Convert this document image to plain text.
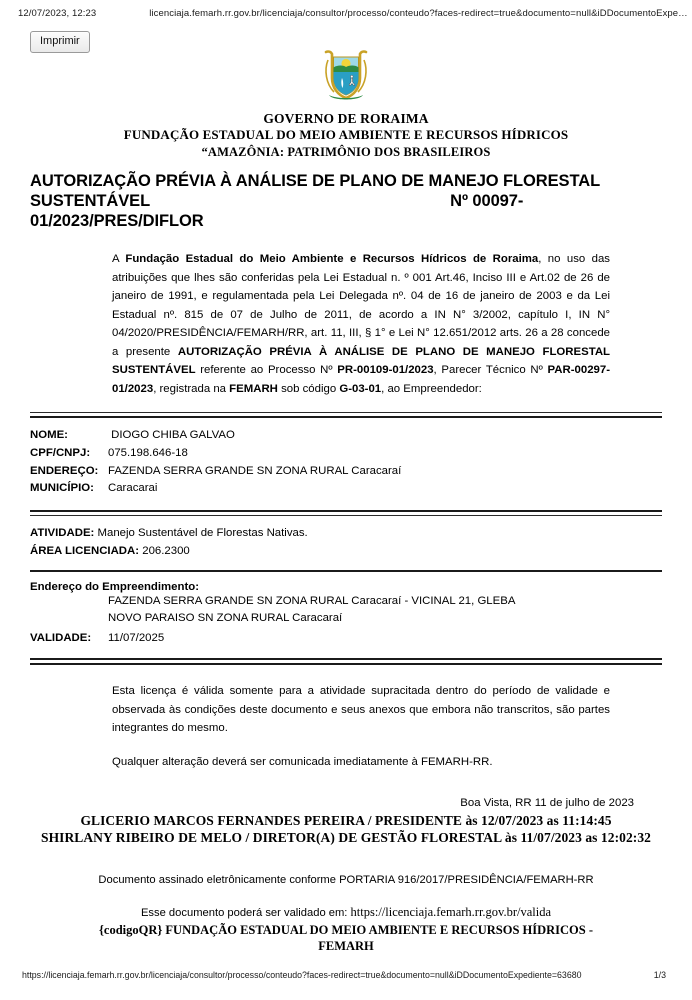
12/07/2023, 12:23	licenciaja.femarh.rr.gov.br/licenciaja/consultor/processo/conteudo?faces-redirect=true&documento=null&iDDocumentoExpe…
Imprimir
GOVERNO DE RORAIMA
FUNDAÇÃO ESTADUAL DO MEIO AMBIENTE E RECURSOS HÍDRICOS
“AMAZÔNIA: PATRIMÔNIO DOS BRASILEIROS
AUTORIZAÇÃO PRÉVIA À ANÁLISE DE PLANO DE MANEJO FLORESTAL
SUSTENTÁVEL	Nº 00097-
01/2023/PRES/DIFLOR

A Fundação Estadual do Meio Ambiente e Recursos Hídricos de Roraima, no uso das atribuições que lhes são conferidas pela Lei Estadual n. º 001 Art.46, Inciso III e Art.02 de 26 de janeiro de 1991, e regulamentada pela Lei Delegada nº. 04 de 16 de janeiro de 2003 e da Lei Estadual nº. 815 de 07 de Julho de 2011, de acordo a IN N° 3/2002, capítulo I, IN N° 04/2020/PRESIDÊNCIA/FEMARH/RR, art. 11, III, § 1° e Lei N° 12.651/2012 arts. 26 a 28 concede a presente AUTORIZAÇÃO PRÉVIA À ANÁLISE DE PLANO DE MANEJO FLORESTAL SUSTENTÁVEL referente ao Processo Nº PR-00109-01/2023, Parecer Técnico Nº PAR-00297-01/2023, registrada na FEMARH sob código G-03-01, ao Empreendedor:

NOME:	DIOGO CHIBA GALVAO
CPF/CNPJ:	075.198.646-18
ENDEREÇO: FAZENDA SERRA GRANDE SN ZONA RURAL Caracaraí
MUNICÍPIO:	Caracarai
ATIVIDADE: Manejo Sustentável de Florestas Nativas.
ÁREA LICENCIADA: 206.2300
Endereço do Empreendimento:
FAZENDA SERRA GRANDE SN ZONA RURAL Caracaraí - VICINAL 21, GLEBA NOVO PARAISO SN ZONA RURAL Caracaraí
VALIDADE:	11/07/2025

Esta licença é válida somente para a atividade supracitada dentro do período de validade e observada às condições deste documento e seus anexos que embora não transcritos, são partes integrantes do mesmo.

Qualquer alteração deverá ser comunicada imediatamente à FEMARH-RR.

Boa Vista, RR 11 de julho de 2023
GLICERIO MARCOS FERNANDES PEREIRA / PRESIDENTE às 12/07/2023 as 11:14:45
SHIRLANY RIBEIRO DE MELO / DIRETOR(A) DE GESTÃO FLORESTAL às 11/07/2023 as 12:02:32
Documento assinado eletrônicamente conforme PORTARIA 916/2017/PRESIDÊNCIA/FEMARH-RR
Esse documento poderá ser validado em: https://licenciaja.femarh.rr.gov.br/valida
{codigoQR} FUNDAÇÃO ESTADUAL DO MEIO AMBIENTE E RECURSOS HÍDRICOS - FEMARH
https://licenciaja.femarh.rr.gov.br/licenciaja/consultor/processo/conteudo?faces-redirect=true&documento=null&iDDocumentoExpediente=63680	1/3
